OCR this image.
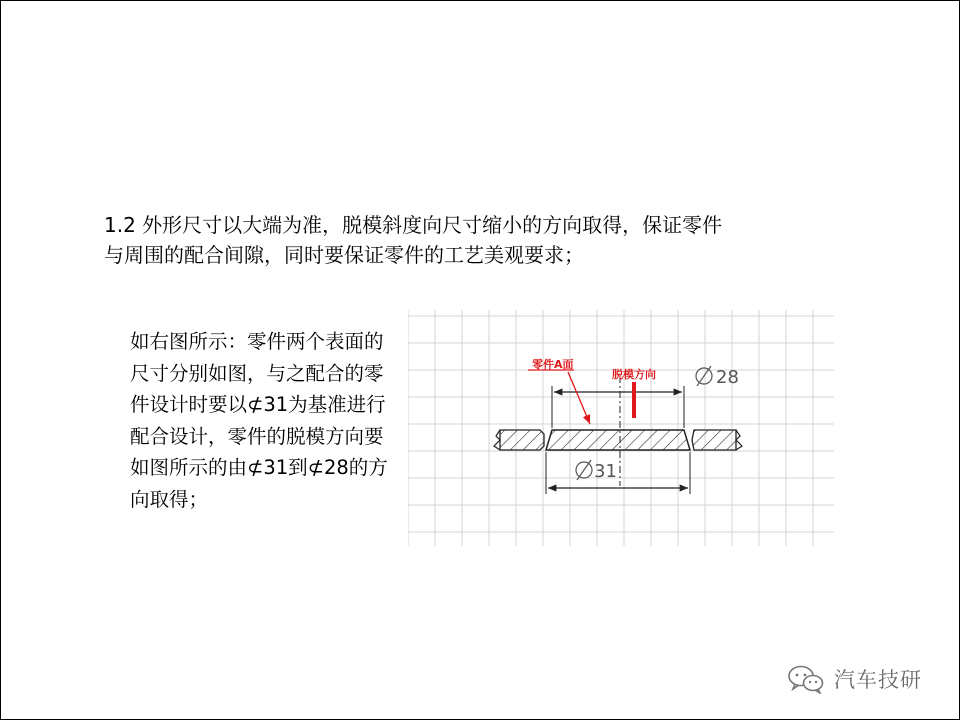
1.2 外形尺寸以大端为准，脱模斜度向尺寸缩小的方向取得，保证零件

与周围的配合间隙，同时要保证零件的工艺美观要求；

如右图所示：零件两个表面的

尺寸分别如图，与之配合的零

件设计时要以⊄31为基准进行

配合设计，零件的脱模方向要

如图所示的由⊄31到⊄28的方

向取得；

28
31
零件A面
脱模方向
汽车技研
